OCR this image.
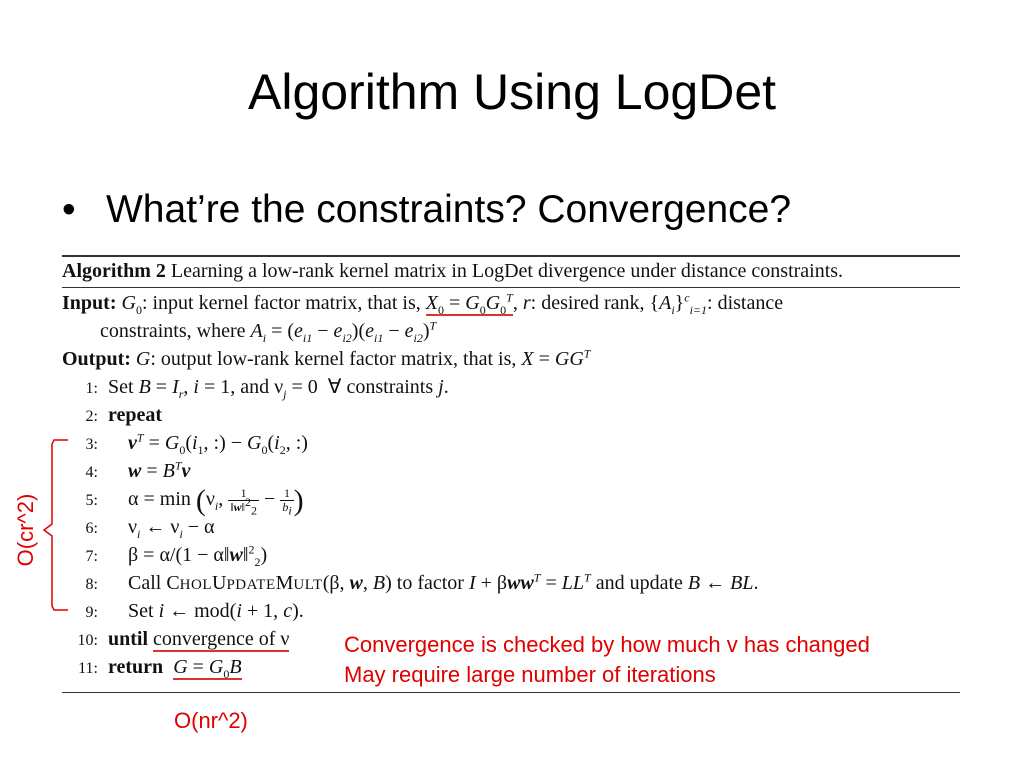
Algorithm Using LogDet
• What’re the constraints? Convergence?
Algorithm 2 Learning a low-rank kernel matrix in LogDet divergence under distance constraints.
Input: $G_0$: input kernel factor matrix, that is, $X_0 = G_0G_0^T$, r: desired rank, $\{A_i\}^c_{i=1}$: distance
constraints, where $A_i = (e_{i1} - e_{i2})(e_{i1} - e_{i2})^T$
Output: G: output low-rank kernel factor matrix, that is, $X = GG^T$
1:  Set $B = I_r$, i = 1, and $\nu_j = 0$  ∀ constraints j.
2: repeat
3: $v^T = G_0(i_1$, :) − $G_0(i_2$, :)
4: $w = B^Tv$
5:      $\alpha = \min (\nu_i$, $\frac{1}{‖w‖^2_2} - \frac{1}{b_i}$ )
6:      $\nu_i$ ← $\nu_i - \alpha$
7:      β = α/(1 − α‖w‖$^2_2$)
8:      Call CHOLUPDATEMULT(β, w, B) to factor $I + \beta ww^T = LL^T$ and update B ← BL.
9:      Set i ← mod(i + 1, c).
10: until convergence of ν
11: return $G = G_0B$
Convergence is checked by how much v has changed
May require large number of iterations
O(nr^2)
O(cr^2)
